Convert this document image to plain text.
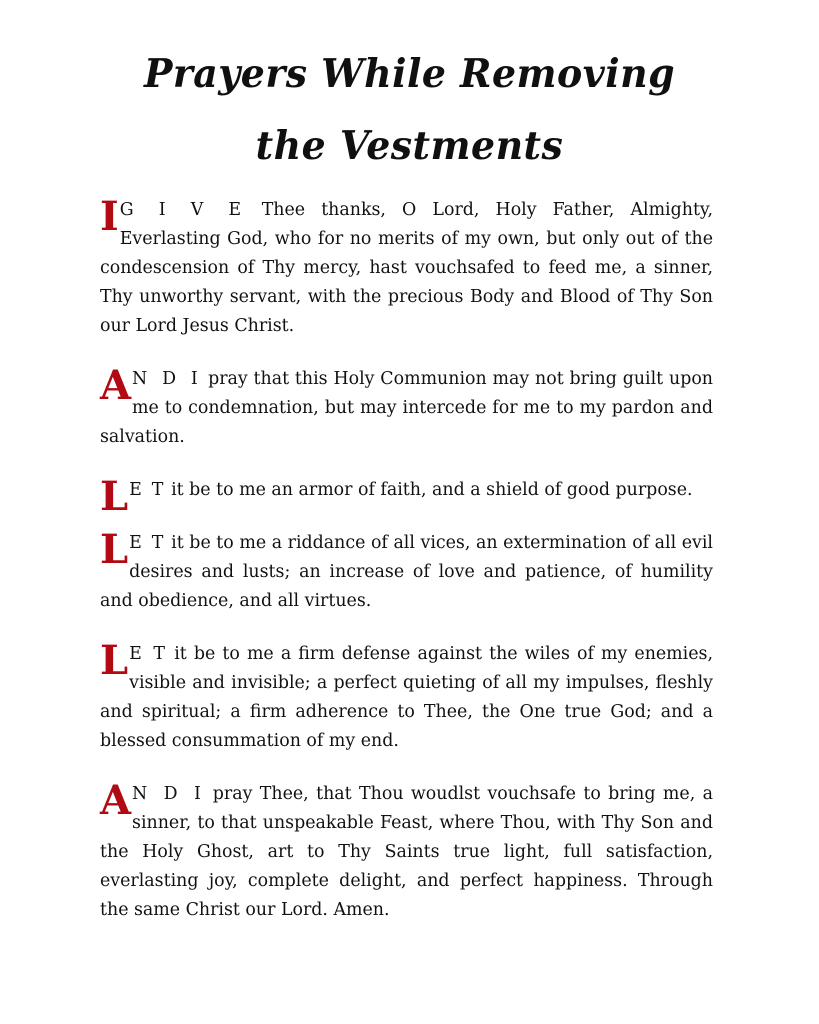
Prayers While Removing
the Vestments

I G I V E Thee thanks, O Lord, Holy Father, Almighty, Everlasting God, who for no merits of my own, but only out of the condescension of Thy mercy, hast vouchsafed to feed me, a sinner, Thy unworthy servant, with the precious Body and Blood of Thy Son our Lord Jesus Christ.

A N D I pray that this Holy Communion may not bring guilt upon me to condemnation, but may intercede for me to my pardon and salvation.

L E T it be to me an armor of faith, and a shield of good purpose.

L E T it be to me a riddance of all vices, an extermination of all evil desires and lusts; an increase of love and patience, of humility and obedience, and all virtues.

L E T it be to me a firm defense against the wiles of my enemies, visible and invisible; a perfect quieting of all my impulses, fleshly and spiritual; a firm adherence to Thee, the One true God; and a blessed consummation of my end.

A N D I pray Thee, that Thou woudlst vouchsafe to bring me, a sinner, to that unspeakable Feast, where Thou, with Thy Son and the Holy Ghost, art to Thy Saints true light, full satisfaction, everlasting joy, complete delight, and perfect happiness. Through the same Christ our Lord. Amen.
